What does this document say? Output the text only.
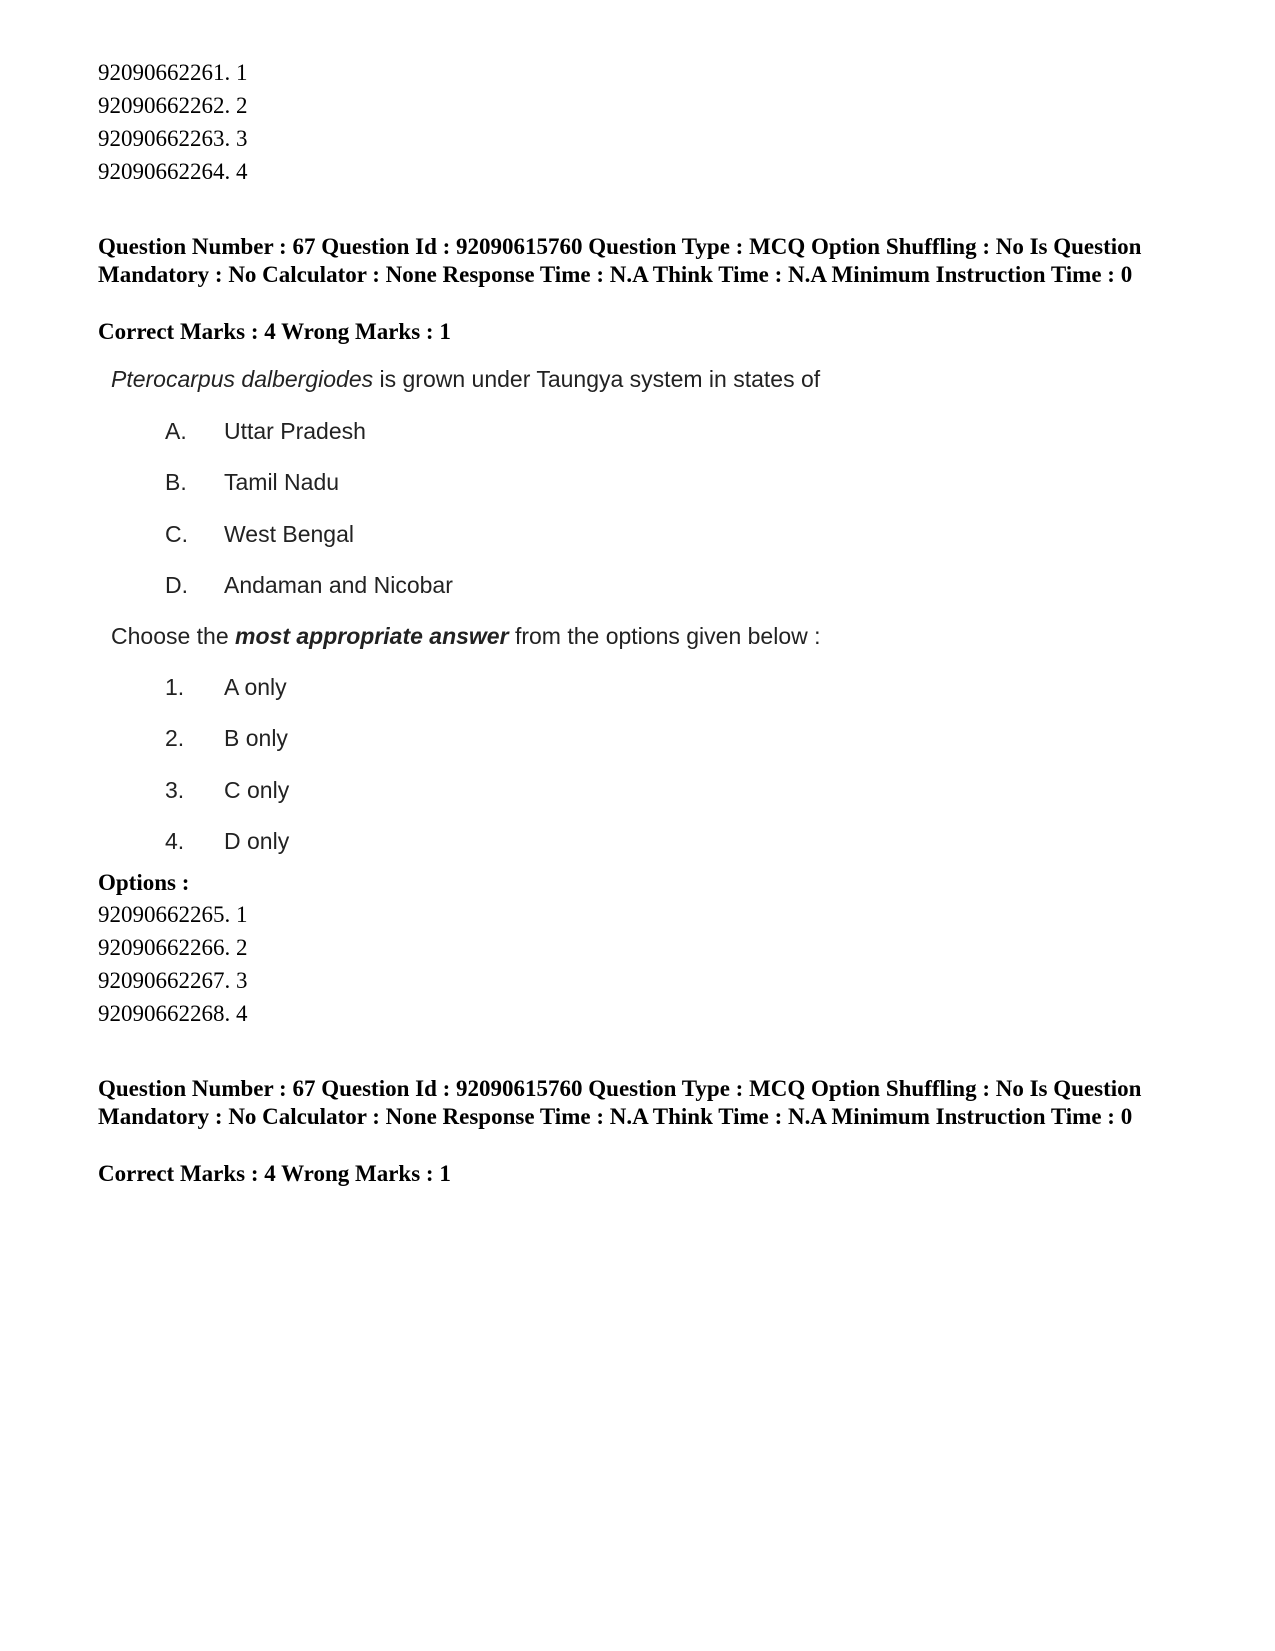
92090662261. 1

92090662262. 2

92090662263. 3

92090662264. 4

Question Number : 67 Question Id : 92090615760 Question Type : MCQ Option Shuffling : No Is Question Mandatory : No Calculator : None Response Time : N.A Think Time : N.A Minimum Instruction Time : 0

Correct Marks : 4 Wrong Marks : 1

Pterocarpus dalbergiodes is grown under Taungya system in states of

A. Uttar Pradesh
B. Tamil Nadu
C. West Bengal
D. Andaman and Nicobar

Choose the most appropriate answer from the options given below :

1. A only
2. B only
3. C only
4. D only

Options :

92090662265. 1

92090662266. 2

92090662267. 3

92090662268. 4

Question Number : 67 Question Id : 92090615760 Question Type : MCQ Option Shuffling : No Is Question Mandatory : No Calculator : None Response Time : N.A Think Time : N.A Minimum Instruction Time : 0

Correct Marks : 4 Wrong Marks : 1
